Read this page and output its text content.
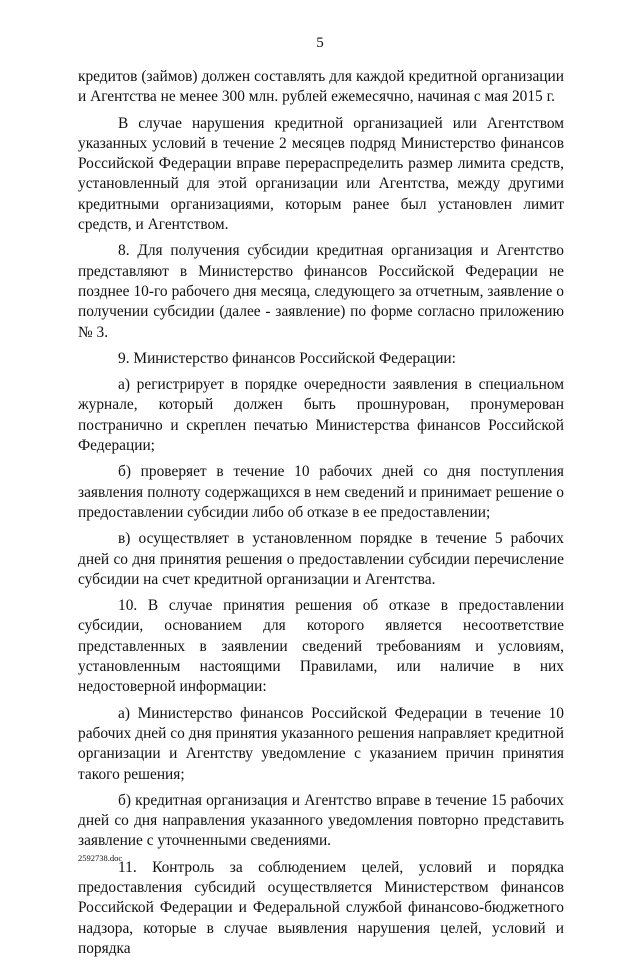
5

кредитов (займов) должен составлять для каждой кредитной организации и Агентства не менее 300 млн. рублей ежемесячно, начиная с мая 2015 г.

В случае нарушения кредитной организацией или Агентством указанных условий в течение 2 месяцев подряд Министерство финансов Российской Федерации вправе перераспределить размер лимита средств, установленный для этой организации или Агентства, между другими кредитными организациями, которым ранее был установлен лимит средств, и Агентством.

8. Для получения субсидии кредитная организация и Агентство представляют в Министерство финансов Российской Федерации не позднее 10-го рабочего дня месяца, следующего за отчетным, заявление о получении субсидии (далее - заявление) по форме согласно приложению № 3.

9. Министерство финансов Российской Федерации:

а) регистрирует в порядке очередности заявления в специальном журнале, который должен быть прошнурован, пронумерован постранично и скреплен печатью Министерства финансов Российской Федерации;

б) проверяет в течение 10 рабочих дней со дня поступления заявления полноту содержащихся в нем сведений и принимает решение о предоставлении субсидии либо об отказе в ее предоставлении;

в) осуществляет в установленном порядке в течение 5 рабочих дней со дня принятия решения о предоставлении субсидии перечисление субсидии на счет кредитной организации и Агентства.

10. В случае принятия решения об отказе в предоставлении субсидии, основанием для которого является несоответствие представленных в заявлении сведений требованиям и условиям, установленным настоящими Правилами, или наличие в них недостоверной информации:

а) Министерство финансов Российской Федерации в течение 10 рабочих дней со дня принятия указанного решения направляет кредитной организации и Агентству уведомление с указанием причин принятия такого решения;

б) кредитная организация и Агентство вправе в течение 15 рабочих дней со дня направления указанного уведомления повторно представить заявление с уточненными сведениями.

11. Контроль за соблюдением целей, условий и порядка предоставления субсидий осуществляется Министерством финансов Российской Федерации и Федеральной службой финансово-бюджетного надзора, которые в случае выявления нарушения целей, условий и порядка

2592738.doc
